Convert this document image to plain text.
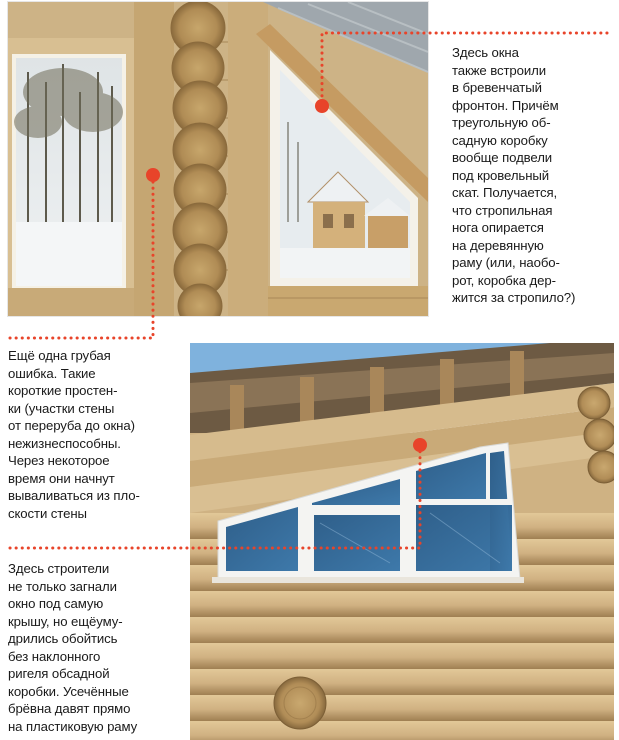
Здесь окна
также встроили
в бревенчатый
фронтон. Причём
треугольную об-
садную коробку
вообще подвели
под кровельный
скат. Получается,
что стропильная
нога опирается
на деревянную
раму (или, наобо-
рот, коробка дер-
жится за стропило?)

Ещё одна грубая
ошибка. Такие
короткие простен-
ки (участки стены
от переруба до окна)
нежизнеспособны.
Через некоторое
время они начнут
вываливаться из пло-
скости стены

Здесь строители
не только загнали
окно под самую
крышу, но ещёуму-
дрились обойтись
без наклонного
ригеля обсадной
коробки. Усечённые
брёвна давят прямо
на пластиковую раму
